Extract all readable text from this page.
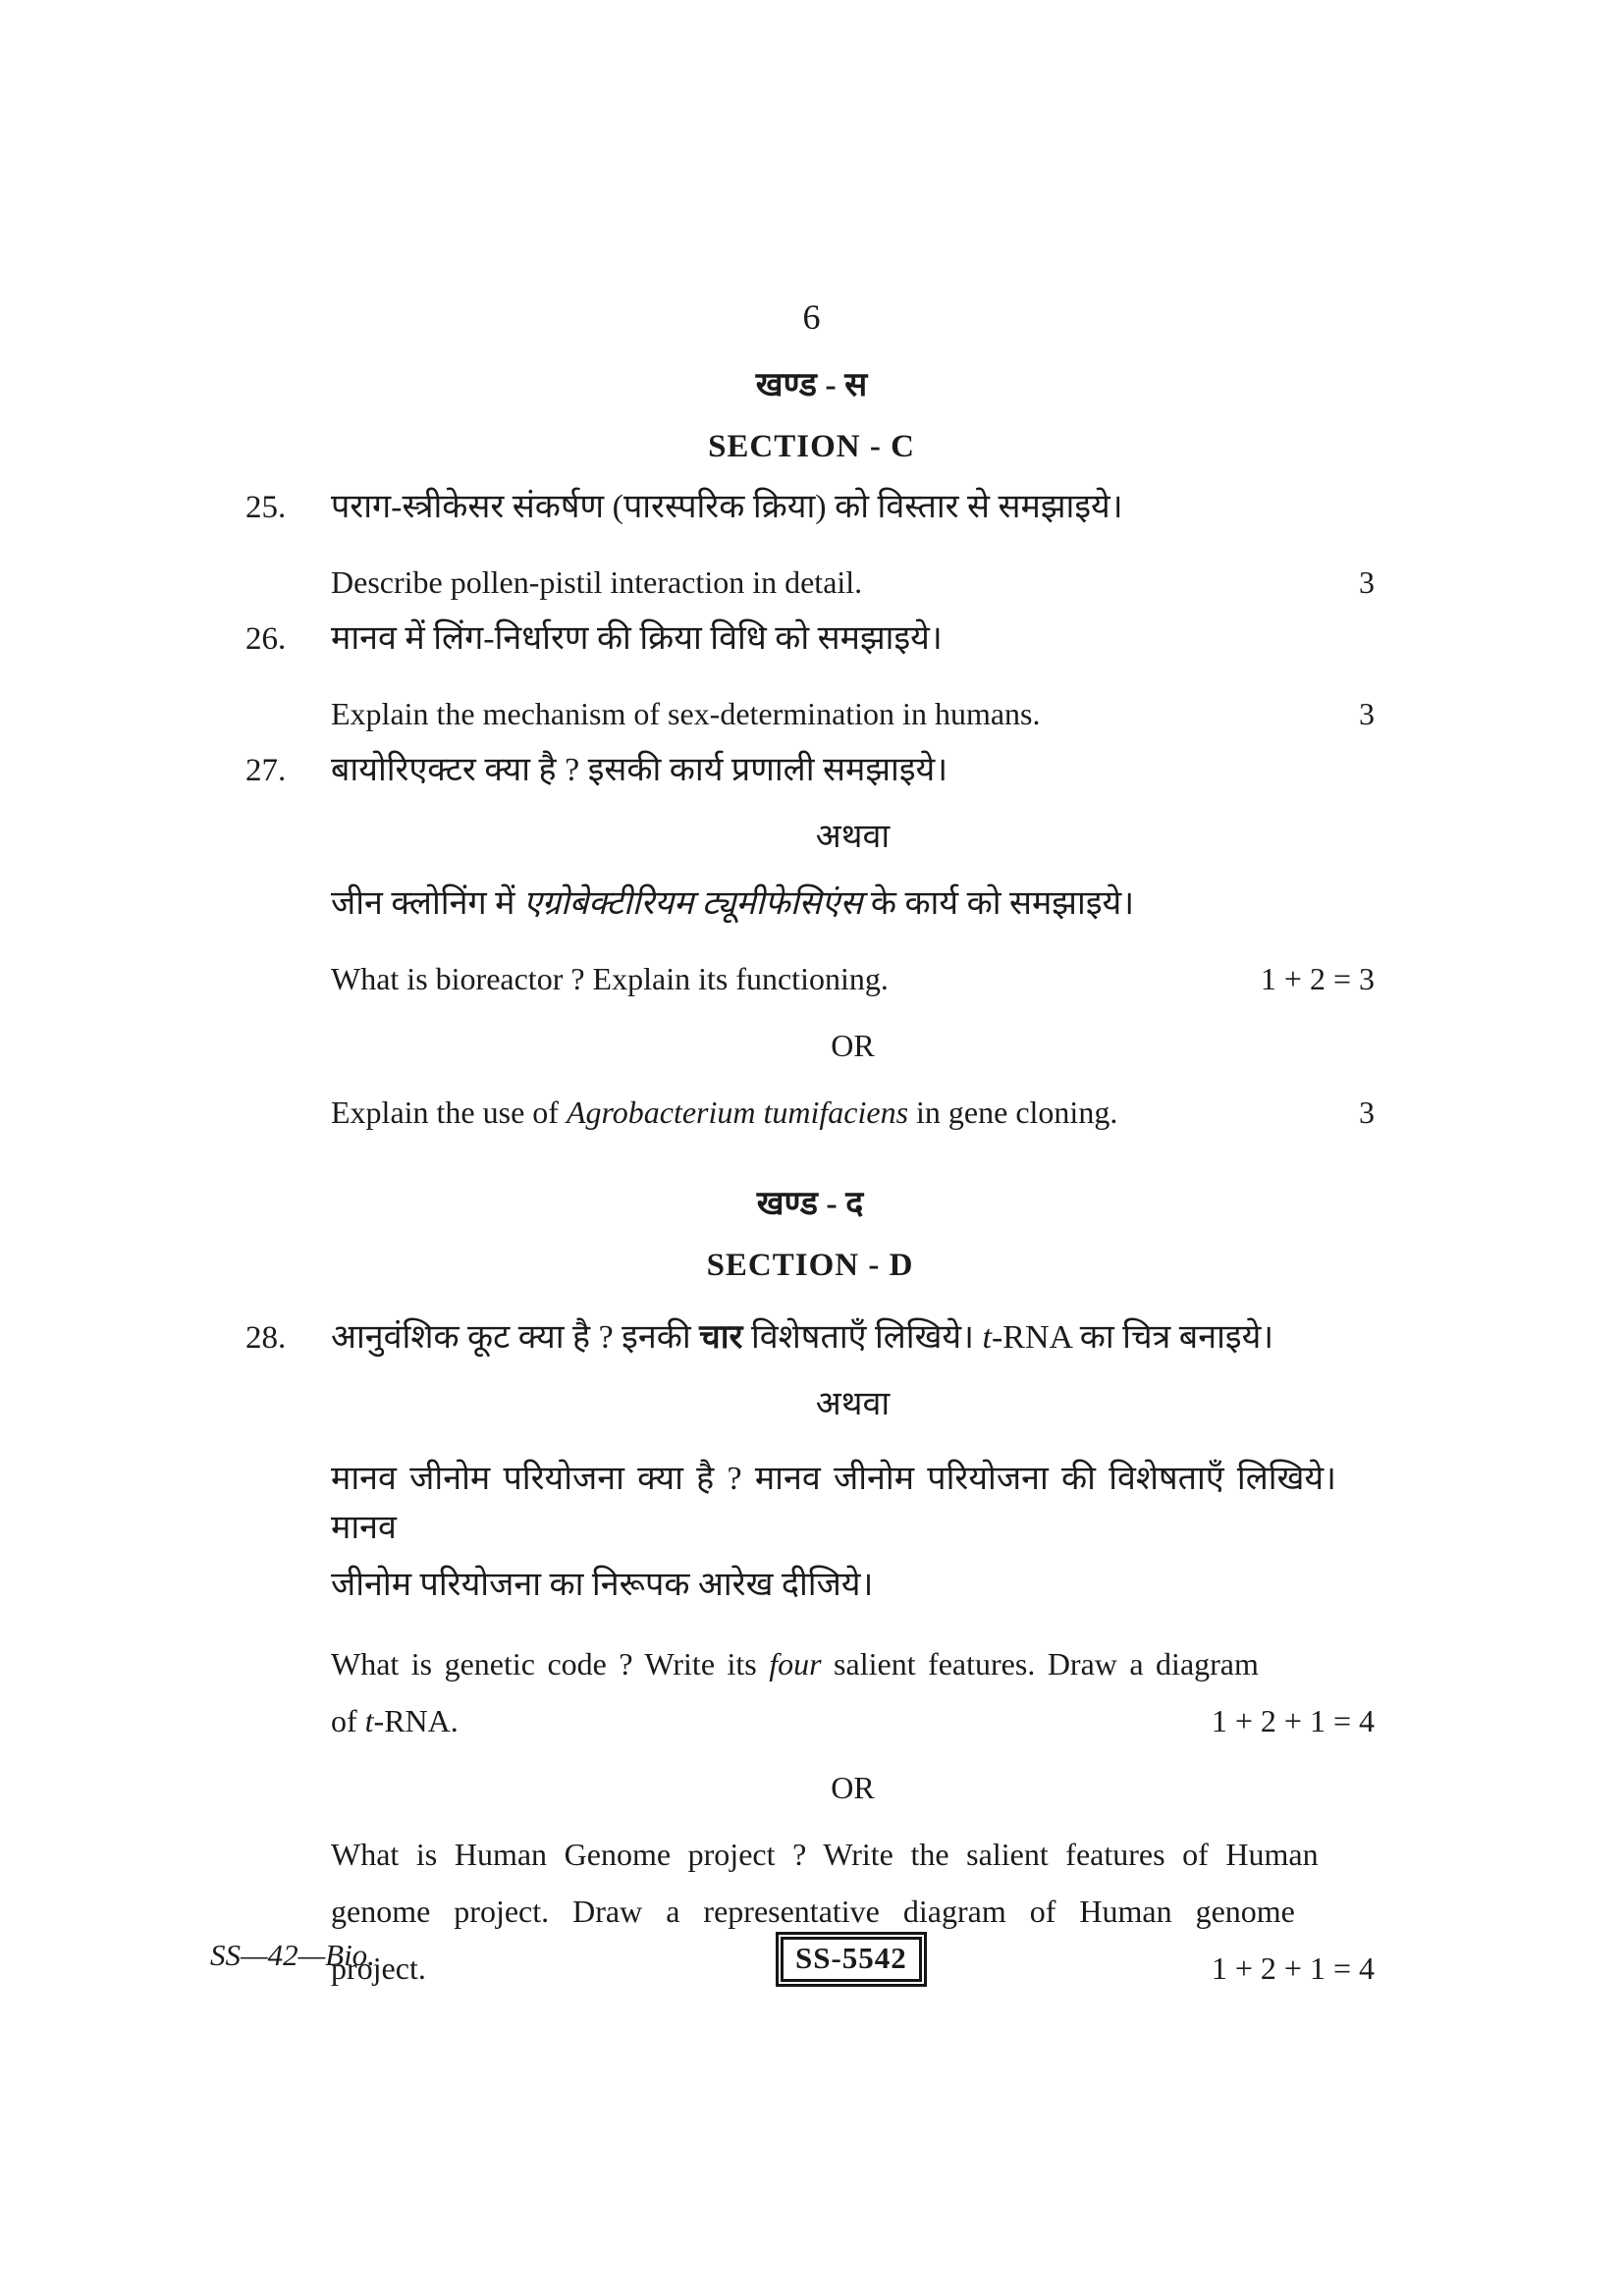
6
खण्ड - स
SECTION - C
25.	पराग-स्त्रीकेसर संकर्षण (पारस्परिक क्रिया) को विस्तार से समझाइये।
Describe pollen-pistil interaction in detail.	3
26.	मानव में लिंग-निर्धारण की क्रिया विधि को समझाइये।
Explain the mechanism of sex-determination in humans.	3
27.	बायोरिएक्टर क्या है ? इसकी कार्य प्रणाली समझाइये।
अथवा
जीन क्लोनिंग में एग्रोबेक्टीरियम ट्यूमीफेसिएंस के कार्य को समझाइये।
What is bioreactor ? Explain its functioning.	1 + 2 = 3
OR
Explain the use of Agrobacterium tumifaciens in gene cloning.	3
खण्ड - द
SECTION - D
28.	आनुवंशिक कूट क्या है ? इनकी चार विशेषताएँ लिखिये। t-RNA का चित्र बनाइये।
अथवा
मानव जीनोम परियोजना क्या है ? मानव जीनोम परियोजना की विशेषताएँ लिखिये। मानव
जीनोम परियोजना का निरूपक आरेख दीजिये।
What is genetic code ? Write its four salient features. Draw a diagram
of t-RNA.	1 + 2 + 1 = 4
OR
What is Human Genome project ? Write the salient features of Human
genome project. Draw a representative diagram of Human genome
project.	1 + 2 + 1 = 4
SS—42—Bio.	SS-5542
